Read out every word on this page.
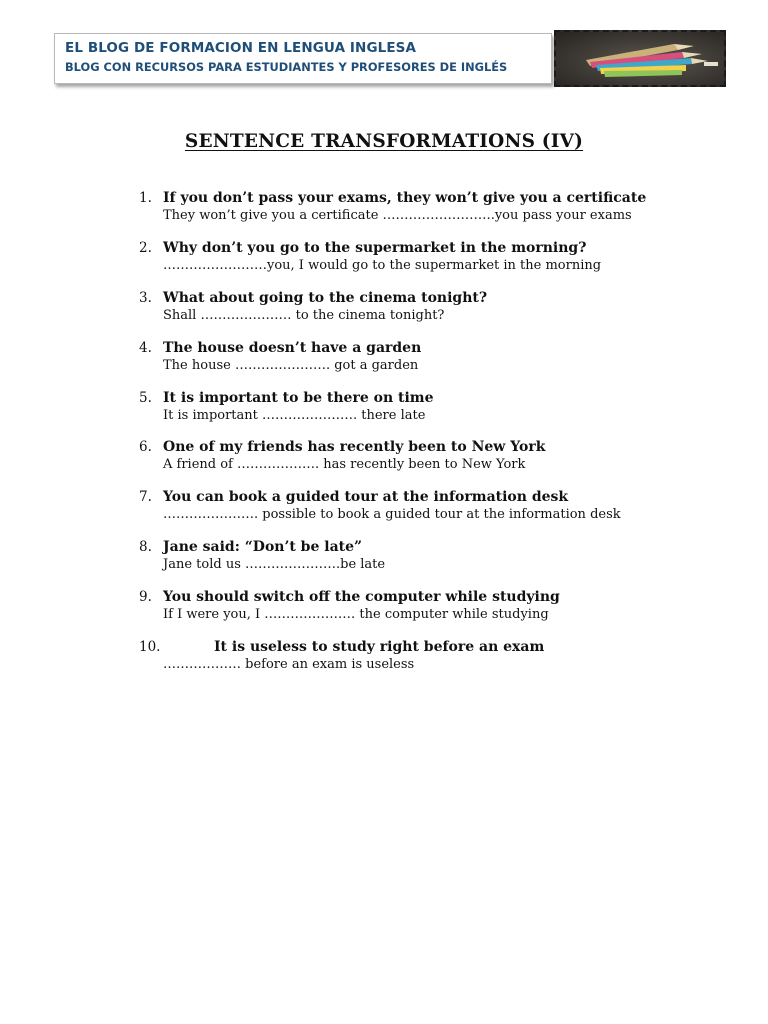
EL BLOG DE FORMACION EN LENGUA INGLESA
BLOG CON RECURSOS PARA ESTUDIANTES Y PROFESORES DE INGLÉS
SENTENCE TRANSFORMATIONS (IV)
1. If you don’t pass your exams, they won’t give you a certificate
They won’t give you a certificate ……………………..you pass your exams
2. Why don’t you go to the supermarket in the morning?
……………………you, I would go to the supermarket in the morning
3. What about going to the cinema tonight?
Shall ………………… to the cinema tonight?
4. The house doesn’t have a garden
The house …………………. got a garden
5. It is important to be there on time
It is important …………………. there late
6. One of my friends has recently been to New York
A friend of ………………. has recently been to New York
7. You can book a guided tour at the information desk
…………………. possible to book a guided tour at the information desk
8. Jane said: “Don’t be late”
Jane told us ………………….be late
9. You should switch off the computer while studying
If I were you, I ………………… the computer while studying
10.	It is useless to study right before an exam
……………… before an exam is useless
